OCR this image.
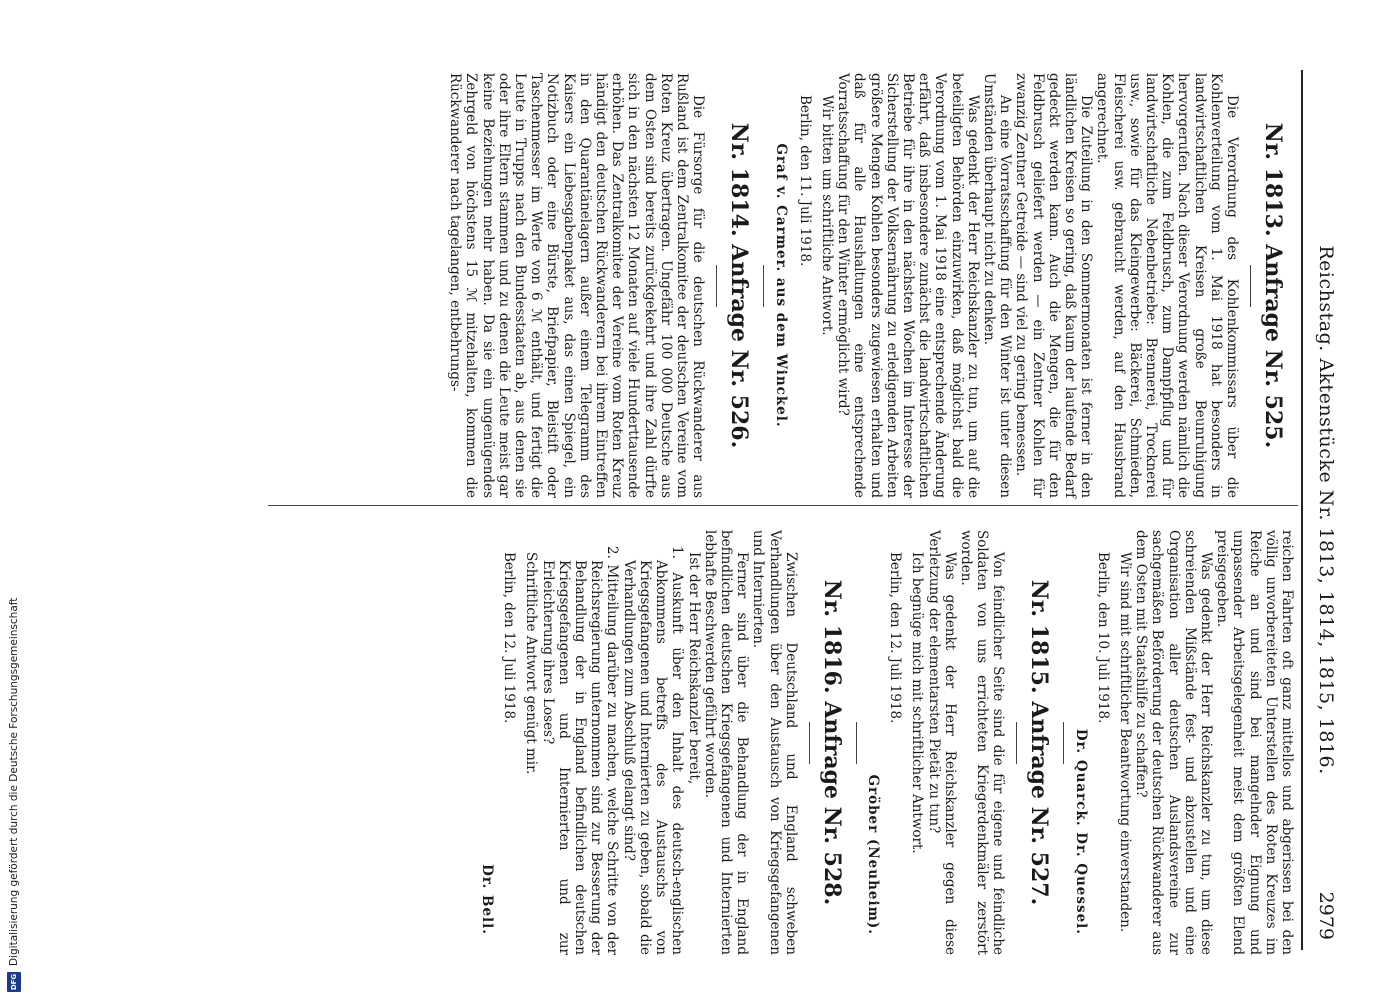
Reichstag. Aktenstücke Nr. 1813, 1814, 1815, 1816.
2979
Nr. 1813. Anfrage Nr. 525.

Die Verordnung des Kohlenkommissars über die Kohlenverteilung vom 1. Mai 1918 hat besonders in landwirtschaftlichen Kreisen große Beunruhigung hervorgerufen. Nach dieser Verordnung werden nämlich die Kohlen, die zum Feldbrusch, zum Dampfpflug und für landwirtschaftliche Nebenbetriebe: Brennerei, Trocknerei usw., sowie für das Kleingewerbe: Bäckerei, Schmieden, Fleischerei usw. gebraucht werden, auf den Hausbrand angerechnet.

Die Zuteilung in den Sommermonaten ist ferner in den ländlichen Kreisen so gering, daß kaum der laufende Bedarf gedeckt werden kann. Auch die Mengen, die für den Feldbrusch geliefert werden — ein Zentner Kohlen für zwanzig Zentner Getreide — sind viel zu gering bemessen.

An eine Vorratsschaffung für den Winter ist unter diesen Umständen überhaupt nicht zu denken.

Was gedenkt der Herr Reichskanzler zu tun, um auf die beteiligten Behörden einzuwirken, daß möglichst bald die Verordnung vom 1. Mai 1918 eine entsprechende Änderung erfährt, daß insbesondere zunächst die landwirtschaftlichen Betriebe für ihre in den nächsten Wochen im Interesse der Sicherstellung der Volksernährung zu erledigenden Arbeiten größere Mengen Kohlen besonders zugewiesen erhalten und daß für alle Haushaltungen eine entsprechende Vorratsschaffung für den Winter ermöglicht wird?

Wir bitten um schriftliche Antwort.

Berlin, den 11. Juli 1918.

Graf v. Carmer. aus dem Winckel.
Nr. 1814. Anfrage Nr. 526.

Die Fürsorge für die deutschen Rückwanderer aus Rußland ist dem Zentralkomitee der deutschen Vereine vom Roten Kreuz übertragen. Ungefähr 100 000 Deutsche aus dem Osten sind bereits zurückgekehrt und ihre Zahl dürfte sich in den nächsten 12 Monaten auf viele Hunderttausende erhöhen. Das Zentralkomitee der Vereine vom Roten Kreuz händigt den deutschen Rückwanderern bei ihrem Eintreffen in den Quarantänelagern außer einem Telegramm des Kaisers ein Liebesgabenpaket aus, das einen Spiegel, ein Notizbuch oder eine Bürste, Briefpapier, Bleistift oder Taschenmesser im Werte von 6 ℳ enthält, und fertigt die Leute in Trupps nach den Bundesstaaten ab, aus denen sie oder ihre Eltern stammen und zu denen die Leute meist gar keine Beziehungen mehr haben. Da sie ein ungenügendes Zehrgeld von höchstens 15 ℳ mitzehalten, kommen die Rückwanderer nach tagelangen, entbehrungs-

reichen Fahrten oft ganz mittellos und abgerissen bei den völlig unvorbereiteten Unterstellen des Roten Kreuzes im Reiche an und sind bei mangelnder Eignung und unpassender Arbeitsgelegenheit meist dem größten Elend preisgegeben.

Was gedenkt der Herr Reichskanzler zu tun, um diese schreienden Mißstände fest- und abzustellen und eine Organisation aller deutschen Auslandsvereine zur sachgemäßen Beförderung der deutschen Rückwanderer aus dem Osten mit Staatshilfe zu schaffen?

Wir sind mit schriftlicher Beantwortung einverstanden.

Berlin, den 10. Juli 1918.

Dr. Quarck. Dr. Quessel.
Nr. 1815. Anfrage Nr. 527.

Von feindlicher Seite sind die für eigene und feindliche Soldaten von uns errichteten Kriegerdenkmäler zerstört worden.

Was gedenkt der Herr Reichskanzler gegen diese Verletzung der elementarsten Pietät zu tun?

Ich begnüge mich mit schriftlicher Antwort.

Berlin, den 12. Juli 1918.

Gröber (Neuheim).
Nr. 1816. Anfrage Nr. 528.

Zwischen Deutschland und England schweben Verhandlungen über den Austausch von Kriegsgefangenen und Internierten.

Ferner sind über die Behandlung der in England befindlichen deutschen Kriegsgefangenen und Internierten lebhafte Beschwerden geführt worden.

Ist der Herr Reichskanzler bereit,

1. Auskunft über den Inhalt des deutsch-englischen Abkommens betreffs des Austauschs von Kriegsgefangenen und Internierten zu geben, sobald die Verhandlungen zum Abschluß gelangt sind?

2. Mitteilung darüber zu machen, welche Schritte von der Reichsregierung unternommen sind zur Besserung der Behandlung der in England befindlichen deutschen Kriegsgefangenen und Internierten und zur Erleichterung ihres Loses?

Schriftliche Antwort genügt mir.

Berlin, den 12. Juli 1918.

Dr. Bell.
DFG
Digitalisierung gefördert durch die Deutsche Forschungsgemeinschaft
